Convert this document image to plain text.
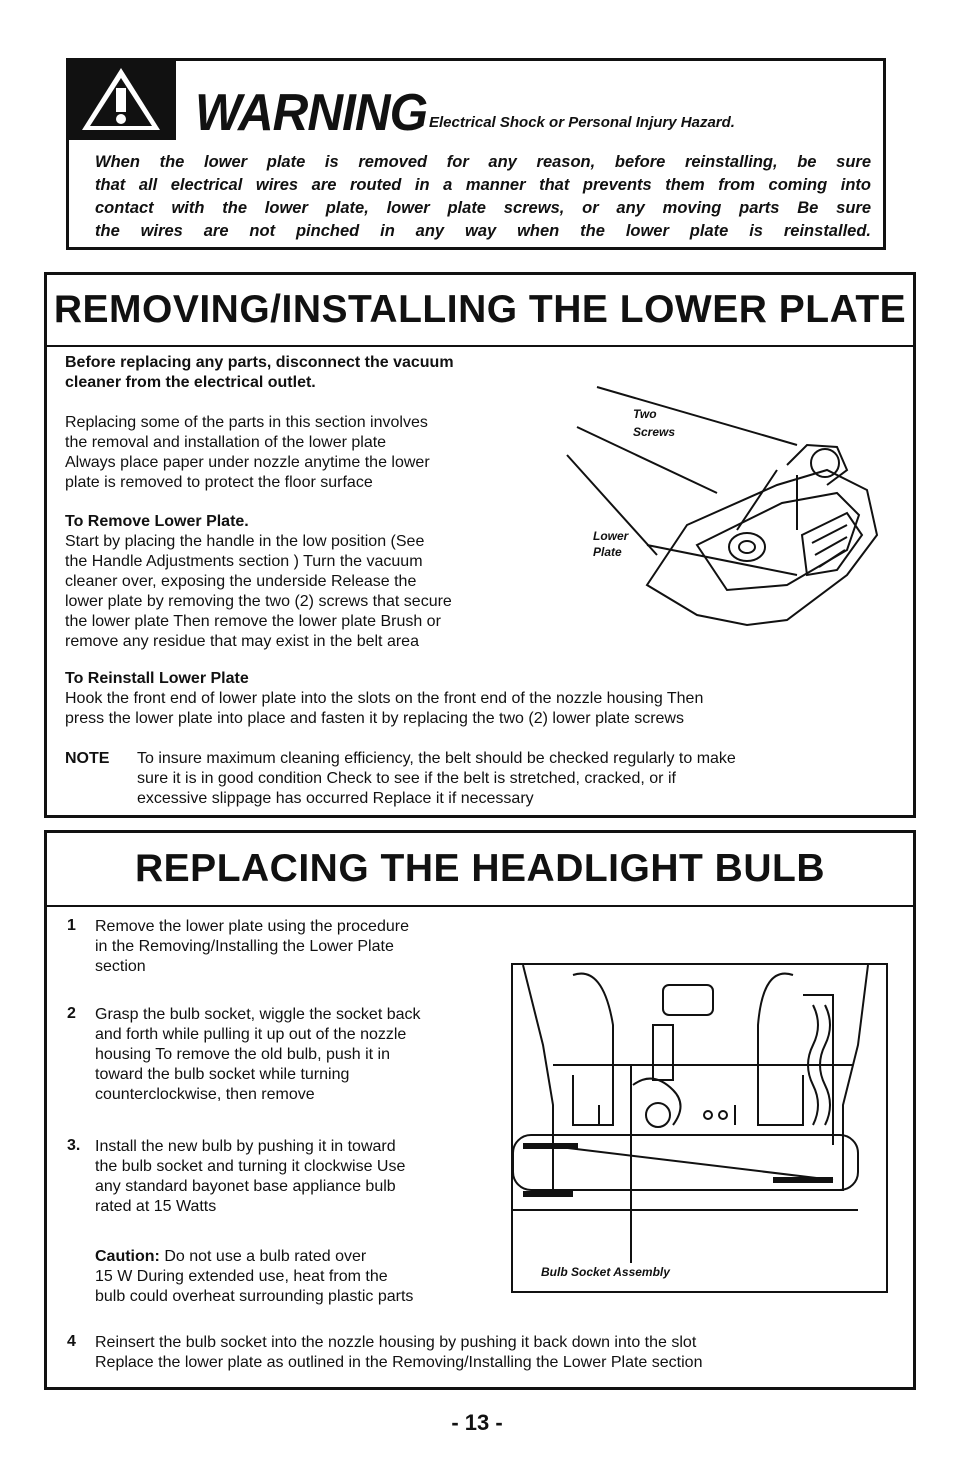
WARNING Electrical Shock or Personal Injury Hazard.
When the lower plate is removed for any reason, before reinstalling, be sure
that all electrical wires are routed in a manner that prevents them from coming into
contact with the lower plate, lower plate screws, or any moving parts Be sure
the wires are not pinched in any way when the lower plate is reinstalled.
REMOVING/INSTALLING THE LOWER PLATE
Before replacing any parts, disconnect the vacuum
cleaner from the electrical outlet.
Replacing some of the parts in this section involves
the removal and installation of the lower plate
Always place paper under nozzle anytime the lower
plate is removed to protect the floor surface
To Remove Lower Plate.
Start by placing the handle in the low position (See
the Handle Adjustments section ) Turn the vacuum
cleaner over, exposing the underside Release the
lower plate by removing the two (2) screws that secure
the lower plate Then remove the lower plate Brush or
remove any residue that may exist in the belt area
Two
Screws
Lower
Plate
To Reinstall Lower Plate
Hook the front end of lower plate into the slots on the front end of the nozzle housing Then
press the lower plate into place and fasten it by replacing the two (2) lower plate screws
NOTE To insure maximum cleaning efficiency, the belt should be checked regularly to make
sure it is in good condition Check to see if the belt is stretched, cracked, or if
excessive slippage has occurred Replace it if necessary
REPLACING THE HEADLIGHT BULB
1 Remove the lower plate using the procedure
in the Removing/Installing the Lower Plate
section
2 Grasp the bulb socket, wiggle the socket back
and forth while pulling it up out of the nozzle
housing To remove the old bulb, push it in
toward the bulb socket while turning
counterclockwise, then remove
3. Install the new bulb by pushing it in toward
the bulb socket and turning it clockwise Use
any standard bayonet base appliance bulb
rated at 15 Watts
Caution: Do not use a bulb rated over
15 W During extended use, heat from the
bulb could overheat surrounding plastic parts
Bulb Socket Assembly
4 Reinsert the bulb socket into the nozzle housing by pushing it back down into the slot
Replace the lower plate as outlined in the Removing/Installing the Lower Plate section
- 13 -
